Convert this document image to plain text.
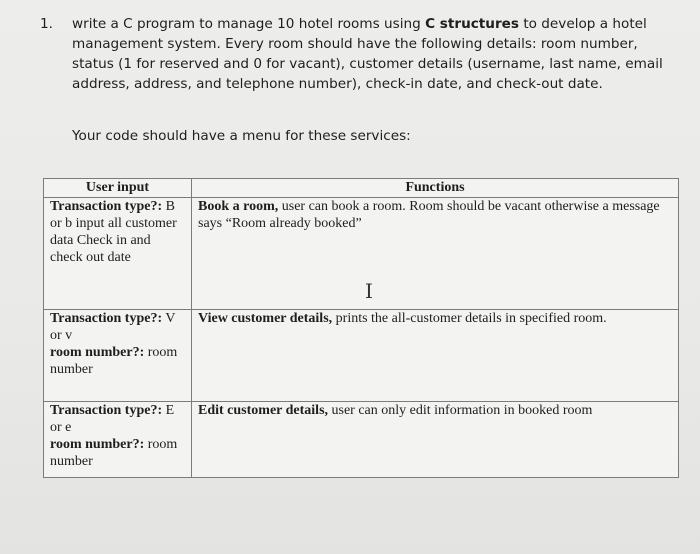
1.	write a C program to manage 10 hotel rooms using C structures to develop a hotel management system. Every room should have the following details: room number, status (1 for reserved and 0 for vacant), customer details (username, last name, email address, address, and telephone number), check-in date, and check-out date.
Your code should have a menu for these services:
User input	Functions
Transaction type?: B or b input all customer data Check in and check out date	Book a room, user can book a room. Room should be vacant otherwise a message says “Room already booked”
Transaction type?: V or v
room number?: room number	View customer details, prints the all-customer details in specified room.
Transaction type?: E or e
room number?: room number	Edit customer details, user can only edit information in booked room
I
